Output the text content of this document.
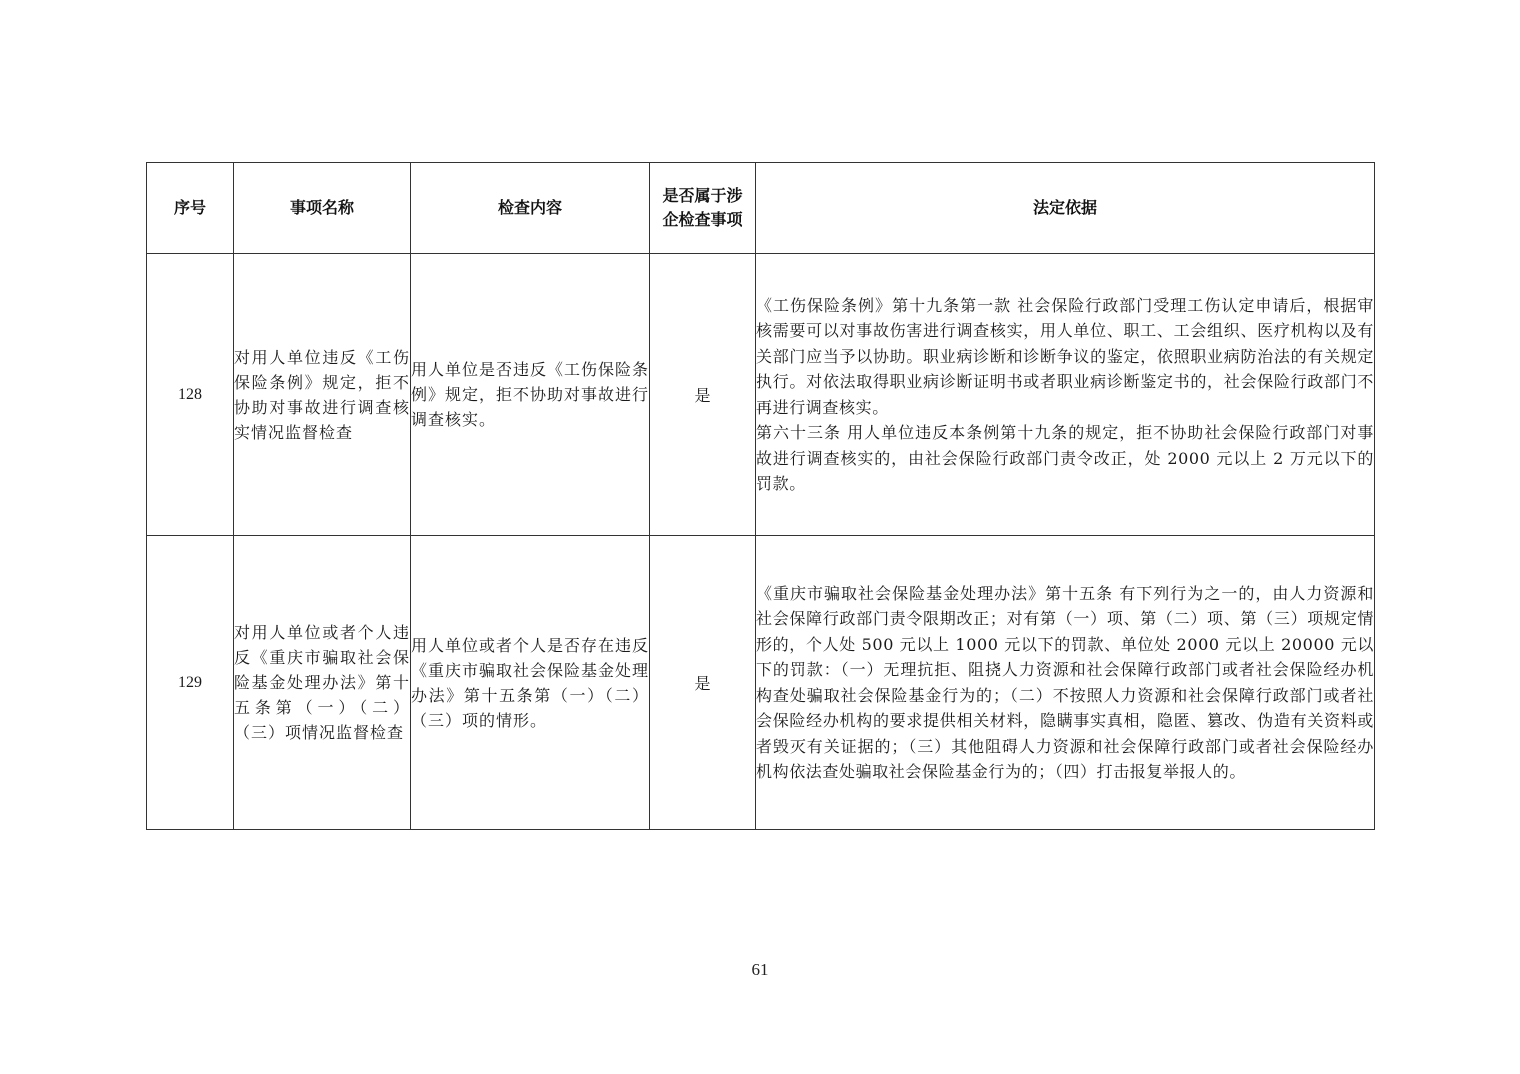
序号	事项名称	检查内容	是否属于涉企检查事项	法定依据
128	对用人单位违反《工伤保险条例》规定，拒不协助对事故进行调查核实情况监督检查	用人单位是否违反《工伤保险条例》规定，拒不协助对事故进行调查核实。	是	《工伤保险条例》第十九条第一款 社会保险行政部门受理工伤认定申请后，根据审核需要可以对事故伤害进行调查核实，用人单位、职工、工会组织、医疗机构以及有关部门应当予以协助。职业病诊断和诊断争议的鉴定，依照职业病防治法的有关规定执行。对依法取得职业病诊断证明书或者职业病诊断鉴定书的，社会保险行政部门不再进行调查核实。
第六十三条 用人单位违反本条例第十九条的规定，拒不协助社会保险行政部门对事故进行调查核实的，由社会保险行政部门责令改正，处 2000 元以上 2 万元以下的罚款。

129	对用人单位或者个人违反《重庆市骗取社会保险基金处理办法》第十五条第（一）（二）（三）项情况监督检查	用人单位或者个人是否存在违反《重庆市骗取社会保险基金处理办法》第十五条第（一）（二）（三）项的情形。	是	《重庆市骗取社会保险基金处理办法》第十五条 有下列行为之一的，由人力资源和社会保障行政部门责令限期改正；对有第（一）项、第（二）项、第（三）项规定情形的，个人处 500 元以上 1000 元以下的罚款、单位处 2000 元以上 20000 元以下的罚款：（一）无理抗拒、阻挠人力资源和社会保障行政部门或者社会保险经办机构查处骗取社会保险基金行为的；（二）不按照人力资源和社会保障行政部门或者社会保险经办机构的要求提供相关材料，隐瞒事实真相，隐匿、篡改、伪造有关资料或者毁灭有关证据的；（三）其他阻碍人力资源和社会保障行政部门或者社会保险经办机构依法查处骗取社会保险基金行为的；（四）打击报复举报人的。
61
